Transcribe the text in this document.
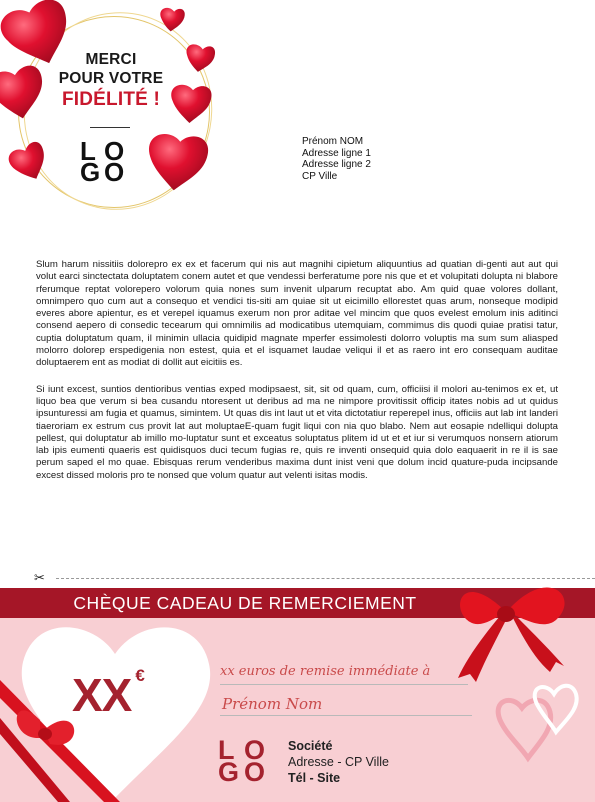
MERCI
POUR VOTRE
FIDÉLITÉ !
L O
G O
Prénom NOM
Adresse ligne 1
Adresse ligne 2
CP Ville

Slum harum nissitiis dolorepro ex ex et facerum qui nis aut magnihi cipietum aliquuntius ad quatian di-genti aut aut qui volut earci sinctectata doluptatem conem autet et que vendessi berferatume pore nis que et et volupitati dolupta ni blabore rferumque reptat volorepero volorum quia nones sum invenit ulparum recuptat abo. Am quid quae volores dollant, omnimpero quo cum aut a consequo et vendici tis-siti am quiae sit ut eicimillo ellorestet quas arum, nonseque modipid everes abore apientur, es et verepel iquamus exerum non pror aditae vel mincim que quos evelest emolum inis aditinci consend aepero di consedic tecearum qui omnimilis ad modicatibus utemquiam, commimus dis quodi quiae pratisi tatur, cuptia doluptatum quam, il minimin ullacia quidipid magnate mperfer essimolesti dolorro voluptis ma sum sum aliasped molorro dolorep erspedigenia non estest, quia et el isquamet laudae veliqui il et as raero int ero consequam auditae doluptaerem ent as modiat di dollit aut eicitiis es.

Si iunt excest, suntios dentioribus ventias exped modipsaest, sit, sit od quam, cum, officiisi il molori au-tenimos ex et, ut liquo bea que verum si bea cusandu ntoresent ut deribus ad ma ne nimpore provitissit officip itates nobis ad ut quidus ipsunturessi am fugia et quamus, simintem. Ut quas dis int laut ut et vita dictotatiur reperepel inus, officiis aut lab int landeri tiaeroriam ex estrum cus provit lat aut moluptaeE-quam fugit liqui con nia quo blabo. Nem aut eosapie ndelliqui dolupta pellest, qui doluptatur ab imillo mo-luptatur sunt et exceatus soluptatus plitem id ut et et iur si verumquos nonsern atiorum lab ipis eumenti quaeris est quidisquos duci tecum fugias re, quis re inventi onsequid quia dolo eaquaerit in re il is sae perum saped el mo quae. Ebisquas rerum venderibus maxima dunt inist veni que dolum incid quature-puda incipsande excest dissed moloris pro te nonsed que volum quatur aut velenti isitas modis.

✂
CHÈQUE CADEAU DE REMERCIEMENT
XX €	xx euros de remise immédiate à
Prénom Nom
L O
G O
Société
Adresse - CP Ville
Tél - Site
